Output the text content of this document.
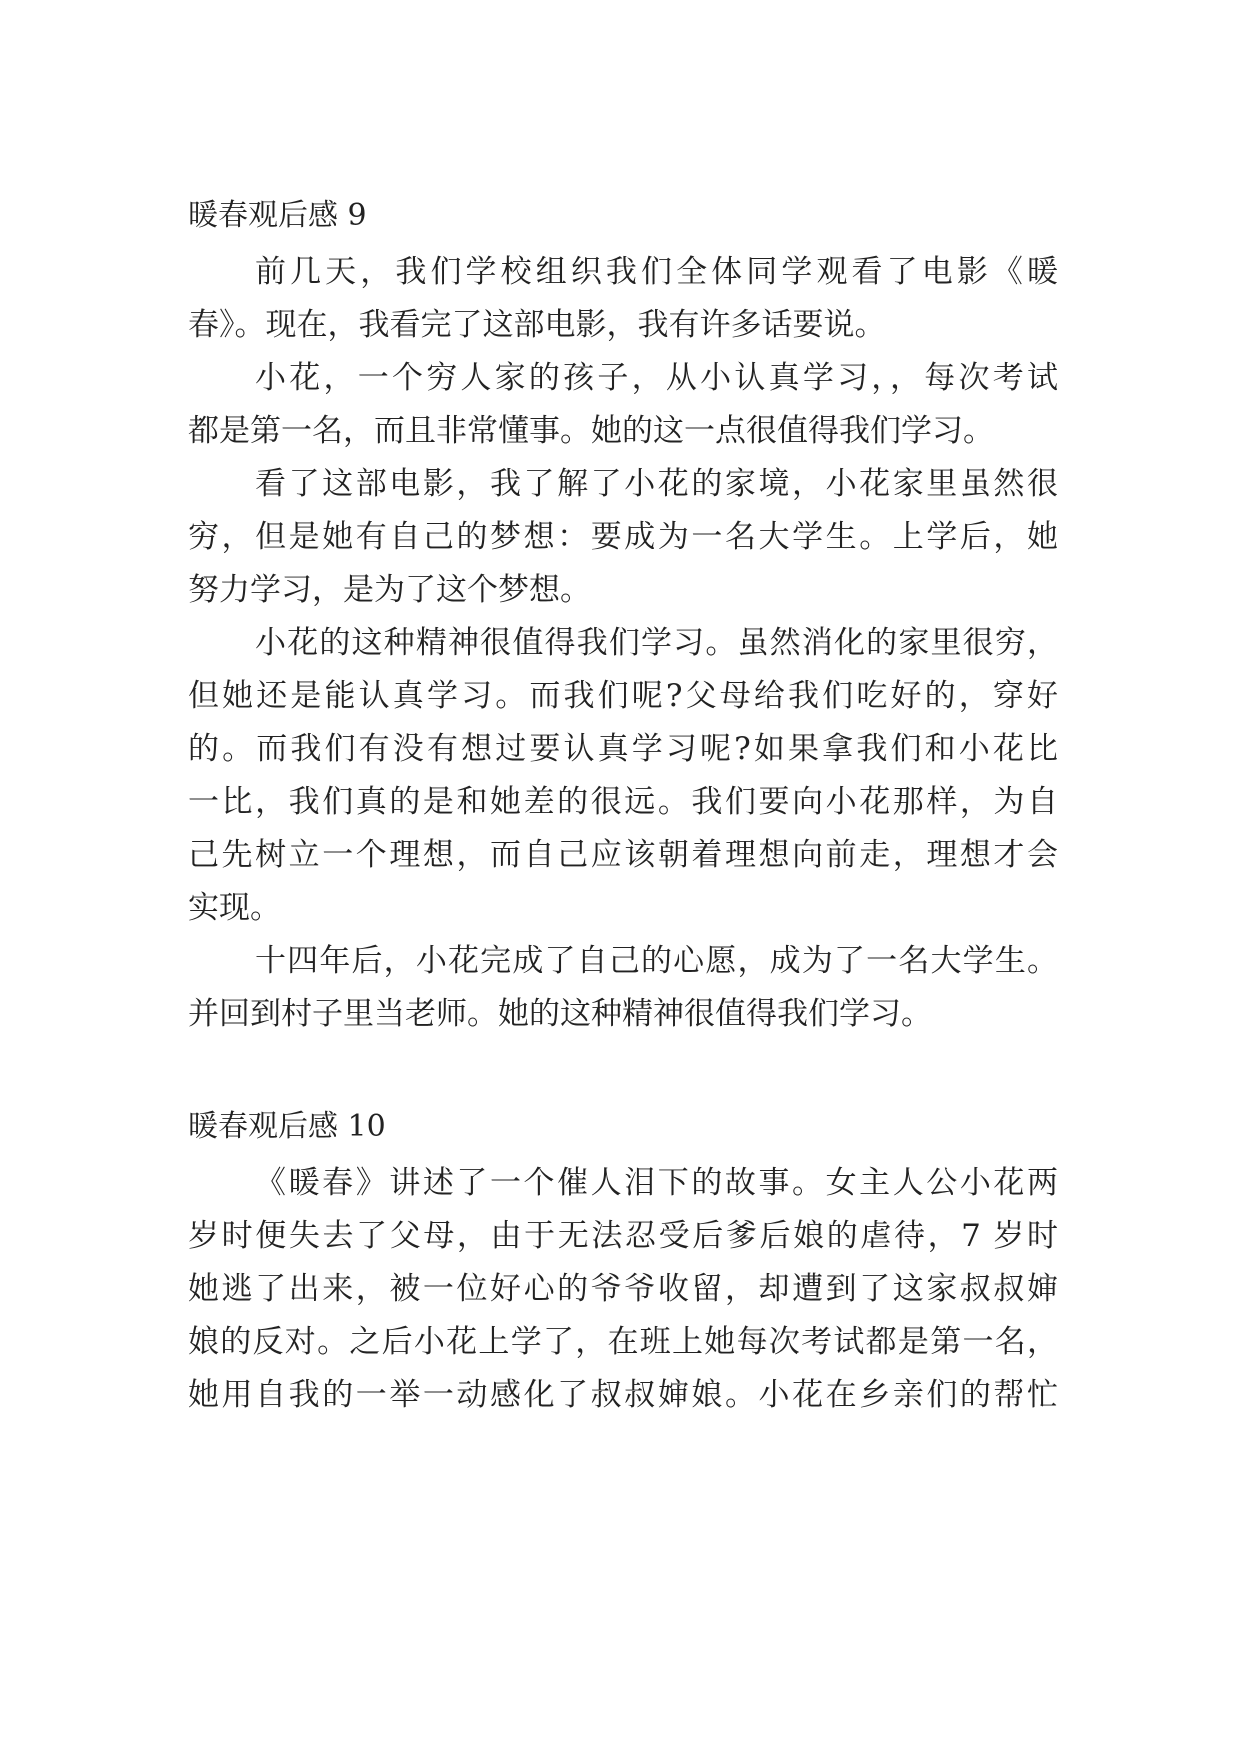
暖春观后感 9

前几天，我们学校组织我们全体同学观看了电影《暖

春》。现在，我看完了这部电影，我有许多话要说。

小花，一个穷人家的孩子，从小认真学习，，每次考试

都是第一名，而且非常懂事。她的这一点很值得我们学习。

看了这部电影，我了解了小花的家境，小花家里虽然很

穷，但是她有自己的梦想：要成为一名大学生。上学后，她

努力学习，是为了这个梦想。

小花的这种精神很值得我们学习。虽然消化的家里很穷，

但她还是能认真学习。而我们呢?父母给我们吃好的，穿好

的。而我们有没有想过要认真学习呢?如果拿我们和小花比

一比，我们真的是和她差的很远。我们要向小花那样，为自

己先树立一个理想，而自己应该朝着理想向前走，理想才会

实现。

十四年后，小花完成了自己的心愿，成为了一名大学生。

并回到村子里当老师。她的这种精神很值得我们学习。

暖春观后感 10

《暖春》讲述了一个催人泪下的故事。女主人公小花两

岁时便失去了父母，由于无法忍受后爹后娘的虐待，7 岁时

她逃了出来，被一位好心的爷爷收留，却遭到了这家叔叔婶

娘的反对。之后小花上学了，在班上她每次考试都是第一名，

她用自我的一举一动感化了叔叔婶娘。小花在乡亲们的帮忙
